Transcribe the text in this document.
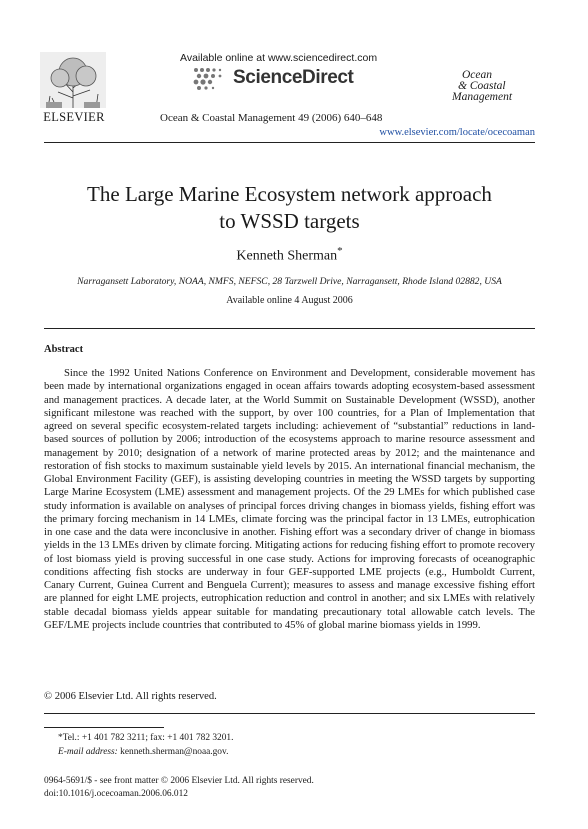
ELSEVIER
Available online at www.sciencedirect.com
ScienceDirect
Ocean & Coastal Management 49 (2006) 640–648
Ocean
& Coastal
Management
www.elsevier.com/locate/ocecoaman
The Large Marine Ecosystem network approach
to WSSD targets
Kenneth Sherman*
Narragansett Laboratory, NOAA, NMFS, NEFSC, 28 Tarzwell Drive, Narragansett, Rhode Island 02882, USA
Available online 4 August 2006
Abstract

Since the 1992 United Nations Conference on Environment and Development, considerable movement has been made by international organizations engaged in ocean affairs towards adopting ecosystem-based assessment and management practices. A decade later, at the World Summit on Sustainable Development (WSSD), another significant milestone was reached with the support, by over 100 countries, for a Plan of Implementation that agreed on several specific ecosystem-related targets including: achievement of “substantial” reductions in land-based sources of pollution by 2006; introduction of the ecosystems approach to marine resource assessment and management by 2010; designation of a network of marine protected areas by 2012; and the maintenance and restoration of fish stocks to maximum sustainable yield levels by 2015. An international financial mechanism, the Global Environment Facility (GEF), is assisting developing countries in meeting the WSSD targets by supporting Large Marine Ecosystem (LME) assessment and management projects. Of the 29 LMEs for which published case study information is available on analyses of principal forces driving changes in biomass yields, fishing effort was the primary forcing mechanism in 14 LMEs, climate forcing was the principal factor in 13 LMEs, eutrophication in one case and the data were inconclusive in another. Fishing effort was a secondary driver of change in biomass yields in the 13 LMEs driven by climate forcing. Mitigating actions for reducing fishing effort to promote recovery of lost biomass yield is proving successful in one case study. Actions for improving forecasts of oceanographic conditions affecting fish stocks are underway in four GEF-supported LME projects (e.g., Humboldt Current, Canary Current, Guinea Current and Benguela Current); measures to assess and manage excessive fishing effort are planned for eight LME projects, eutrophication reduction and control in another; and six LMEs with relatively stable decadal biomass yields appear suitable for mandating precautionary total allowable catch levels. The GEF/LME projects include countries that contributed to 45% of global marine biomass yields in 1999.

© 2006 Elsevier Ltd. All rights reserved.
*Tel.: +1 401 782 3211; fax: +1 401 782 3201.
E-mail address: kenneth.sherman@noaa.gov.
0964-5691/$ - see front matter © 2006 Elsevier Ltd. All rights reserved.
doi:10.1016/j.ocecoaman.2006.06.012
